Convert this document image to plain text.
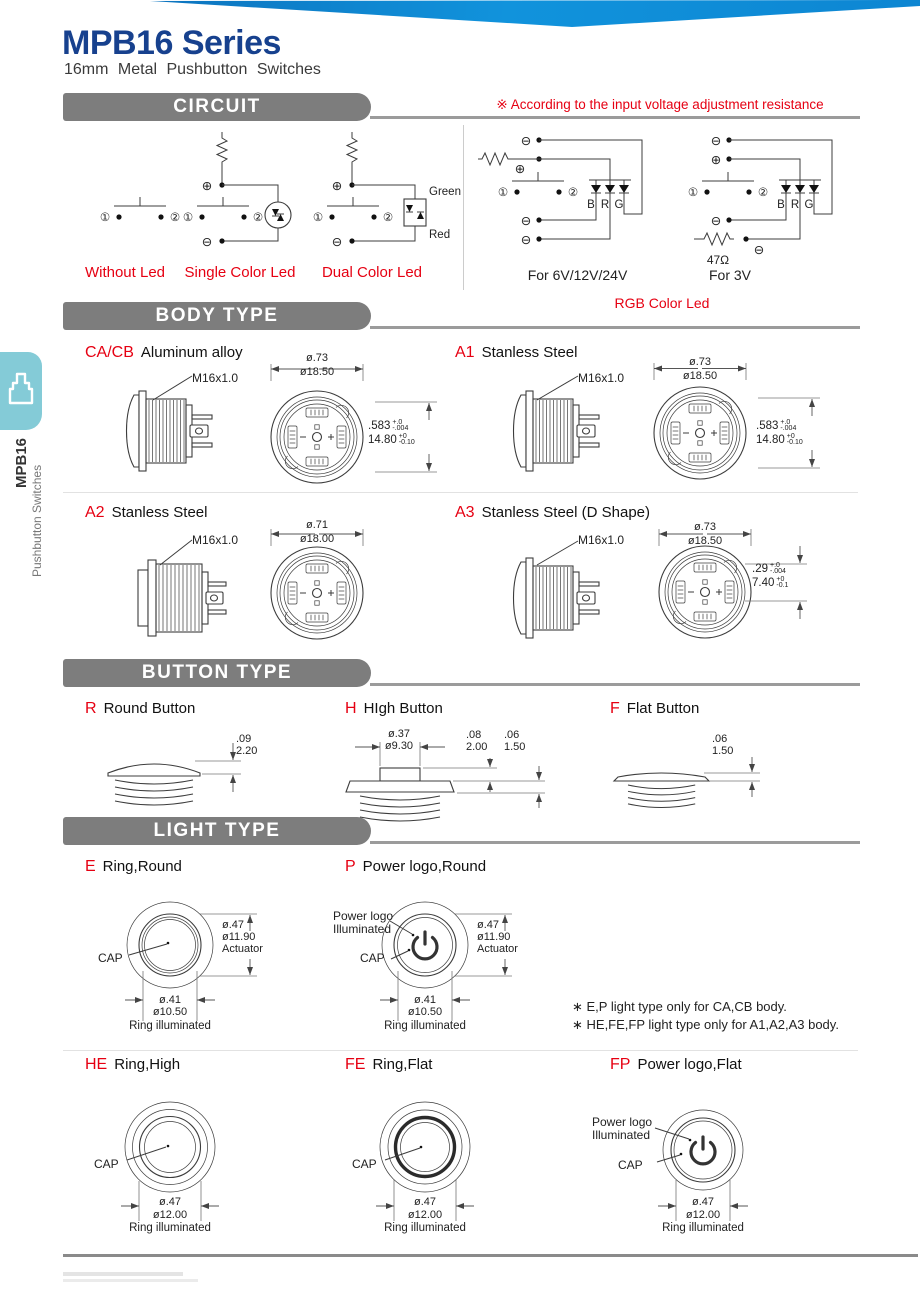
②
MPB16 Series
16mm Metal Pushbutton Switches
MPB16
Pushbutton Switches
CIRCUIT	※ According to the input voltage adjustment resistance
Without Led
⊕
⊖
Single Color Led
⊕
⊖
Green
Red
Dual Color Led
⊖
⊕
B R G
⊖
⊖
For 6V/12V/24V
⊖
⊕
B R G
⊖
⊖
47Ω
For 3V
RGB Color Led
BODY TYPE
CA/CB Aluminum alloy
M16x1.0
ø.73
ø18.50
.583 +.0
-.004
14.80 +0
-0.10
A1 Stanless Steel
M16x1.0
ø.73
ø18.50
.583 +.0
-.004
14.80 +0
-0.10
A2 Stanless Steel
M16x1.0
ø.71
ø18.00
A3 Stanless Steel (D Shape)
M16x1.0
ø.73
ø18.50
.29 +.0
-.004
7.40 +0
-0.1
BUTTON TYPE
R Round Button
.09
2.20
H HIgh Button
ø.37
ø9.30
.08
2.00
.06
1.50
F Flat Button
.06
1.50
LIGHT TYPE
E Ring,Round
CAP
ø.47
ø11.90
Actuator
ø.41
ø10.50
Ring illuminated
P Power logo,Round
Power logo
Illuminated
CAP
ø.47
ø11.90
Actuator
ø.41
ø10.50
Ring illuminated
∗ E,P light type only for CA,CB body.
∗ HE,FE,FP light type only for A1,A2,A3 body.
HE Ring,High
CAP
ø.47
ø12.00
Ring illuminated
FE Ring,Flat
CAP
ø.47
ø12.00
Ring illuminated
FP Power logo,Flat
Power logo
Illuminated
CAP
ø.47
ø12.00
Ring illuminated
